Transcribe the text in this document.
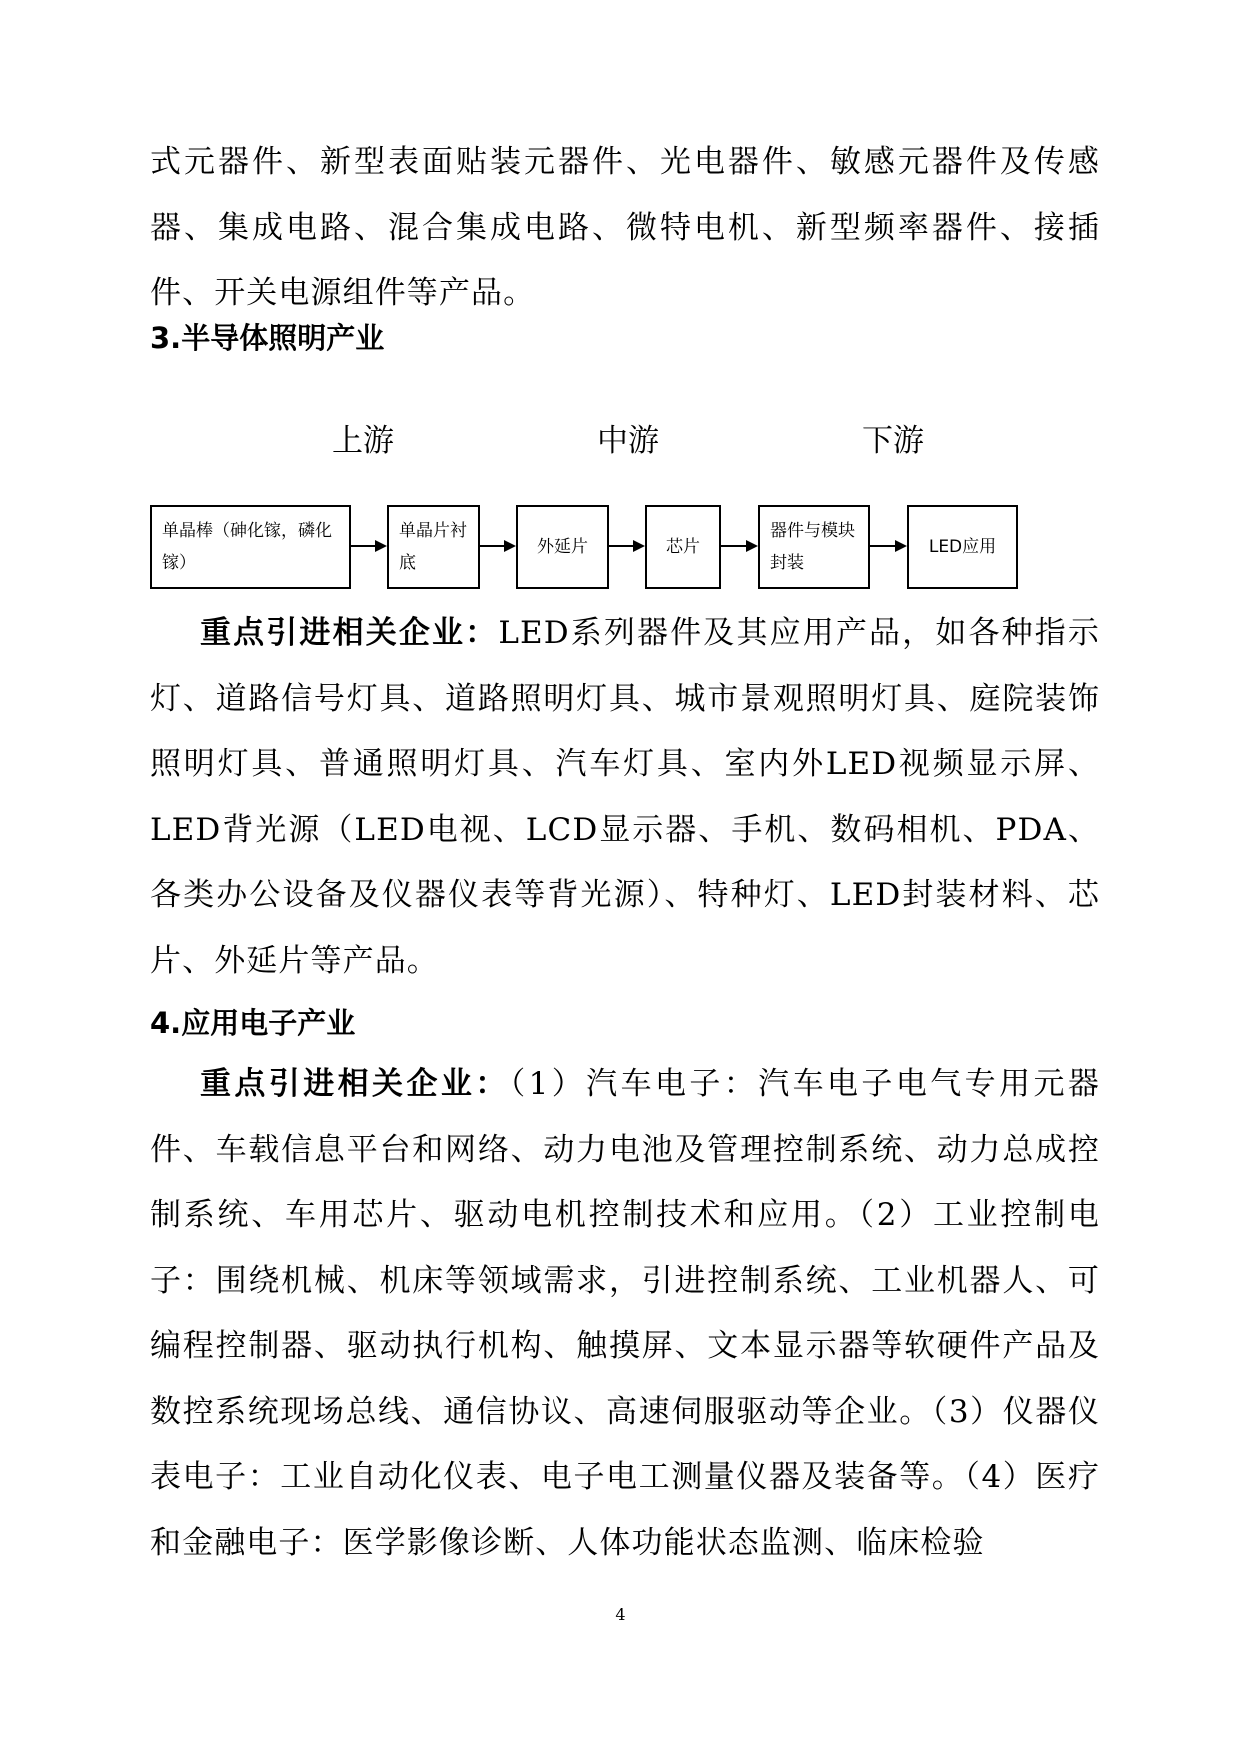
式元器件、新型表面贴装元器件、光电器件、敏感元器件及传感器、集成电路、混合集成电路、微特电机、新型频率器件、接插件、开关电源组件等产品。

3.半导体照明产业
上游	中游	下游
单晶棒（砷化镓，磷化镓）
单晶片衬底
外延片	芯片
器件与模块封装
LED应用

重点引进相关企业：LED系列器件及其应用产品，如各种指示灯、道路信号灯具、道路照明灯具、城市景观照明灯具、庭院装饰照明灯具、普通照明灯具、汽车灯具、室内外LED视频显示屏、LED背光源（LED电视、LCD显示器、手机、数码相机、PDA、各类办公设备及仪器仪表等背光源）、特种灯、LED封装材料、芯片、外延片等产品。

4.应用电子产业

重点引进相关企业：（1）汽车电子：汽车电子电气专用元器件、车载信息平台和网络、动力电池及管理控制系统、动力总成控制系统、车用芯片、驱动电机控制技术和应用。（2）工业控制电子：围绕机械、机床等领域需求，引进控制系统、工业机器人、可编程控制器、驱动执行机构、触摸屏、文本显示器等软硬件产品及数控系统现场总线、通信协议、高速伺服驱动等企业。（3）仪器仪表电子：工业自动化仪表、电子电工测量仪器及装备等。（4）医疗和金融电子：医学影像诊断、人体功能状态监测、临床检验

4
